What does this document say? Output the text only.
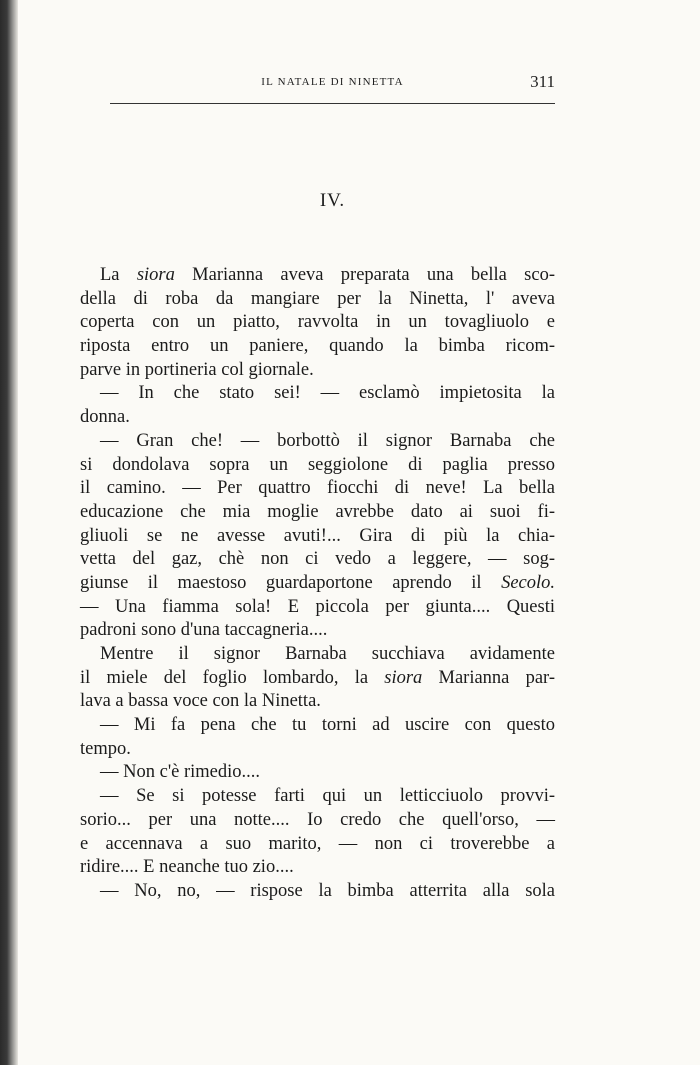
IL NATALE DI NINETTA	311
IV.
La siora Marianna aveva preparata una bella sco-
della di roba da mangiare per la Ninetta, l' aveva
coperta con un piatto, ravvolta in un tovagliuolo e
riposta entro un paniere, quando la bimba ricom-
parve in portineria col giornale.
— In che stato sei! — esclamò impietosita la
donna.
— Gran che! — borbottò il signor Barnaba che
si dondolava sopra un seggiolone di paglia presso
il camino. — Per quattro fiocchi di neve! La bella
educazione che mia moglie avrebbe dato ai suoi fi-
gliuoli se ne avesse avuti!... Gira di più la chia-
vetta del gaz, chè non ci vedo a leggere, — sog-
giunse il maestoso guardaportone aprendo il Secolo.
— Una fiamma sola! E piccola per giunta.... Questi
padroni sono d'una taccagneria....
Mentre il signor Barnaba succhiava avidamente
il miele del foglio lombardo, la siora Marianna par-
lava a bassa voce con la Ninetta.
— Mi fa pena che tu torni ad uscire con questo
tempo.
— Non c'è rimedio....
— Se si potesse farti qui un letticciuolo provvi-
sorio... per una notte.... Io credo che quell'orso, —
e accennava a suo marito, — non ci troverebbe a
ridire.... E neanche tuo zio....
— No, no, — rispose la bimba atterrita alla sola
